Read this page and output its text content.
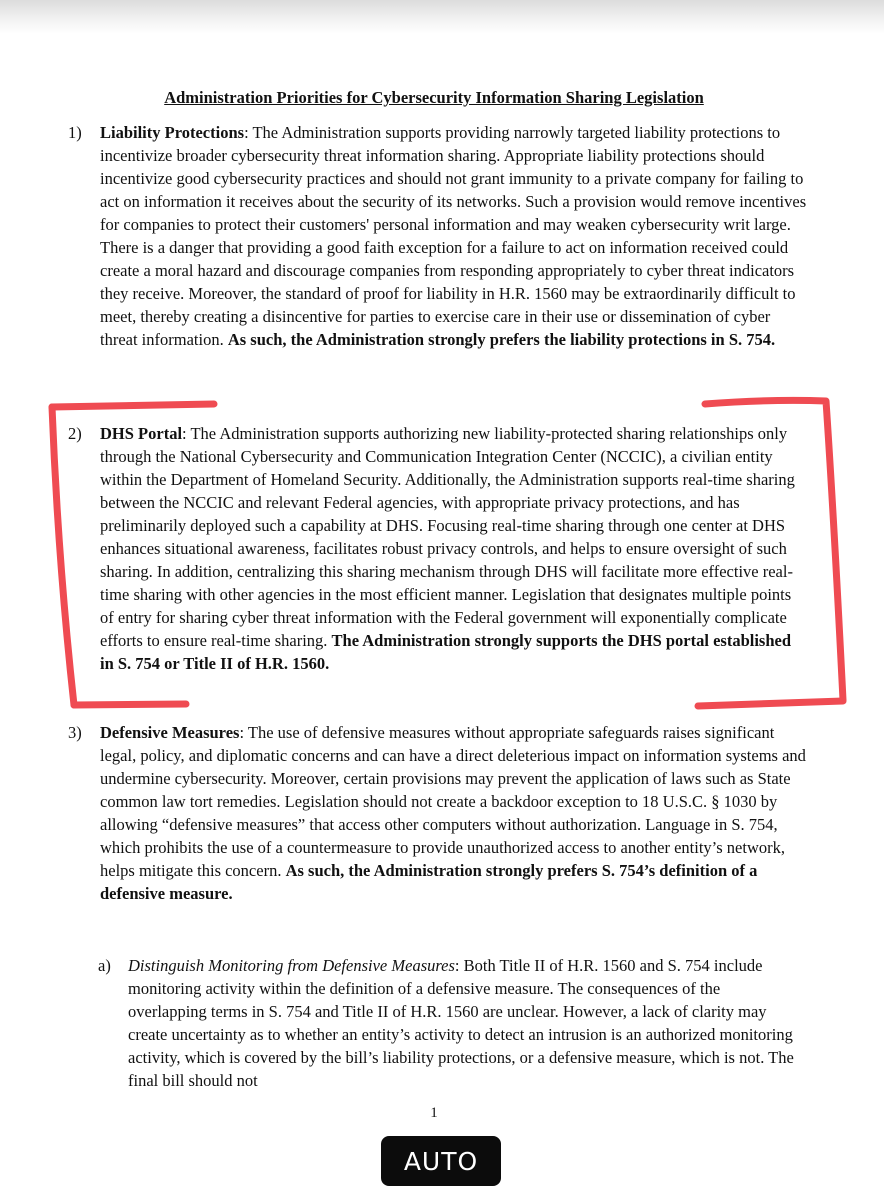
Administration Priorities for Cybersecurity Information Sharing Legislation
1) Liability Protections: The Administration supports providing narrowly targeted liability protections to incentivize broader cybersecurity threat information sharing. Appropriate liability protections should incentivize good cybersecurity practices and should not grant immunity to a private company for failing to act on information it receives about the security of its networks. Such a provision would remove incentives for companies to protect their customers' personal information and may weaken cybersecurity writ large. There is a danger that providing a good faith exception for a failure to act on information received could create a moral hazard and discourage companies from responding appropriately to cyber threat indicators they receive. Moreover, the standard of proof for liability in H.R. 1560 may be extraordinarily difficult to meet, thereby creating a disincentive for parties to exercise care in their use or dissemination of cyber threat information. As such, the Administration strongly prefers the liability protections in S. 754.
2) DHS Portal: The Administration supports authorizing new liability-protected sharing relationships only through the National Cybersecurity and Communication Integration Center (NCCIC), a civilian entity within the Department of Homeland Security. Additionally, the Administration supports real-time sharing between the NCCIC and relevant Federal agencies, with appropriate privacy protections, and has preliminarily deployed such a capability at DHS. Focusing real-time sharing through one center at DHS enhances situational awareness, facilitates robust privacy controls, and helps to ensure oversight of such sharing. In addition, centralizing this sharing mechanism through DHS will facilitate more effective real-time sharing with other agencies in the most efficient manner. Legislation that designates multiple points of entry for sharing cyber threat information with the Federal government will exponentially complicate efforts to ensure real-time sharing. The Administration strongly supports the DHS portal established in S. 754 or Title II of H.R. 1560.
3) Defensive Measures: The use of defensive measures without appropriate safeguards raises significant legal, policy, and diplomatic concerns and can have a direct deleterious impact on information systems and undermine cybersecurity. Moreover, certain provisions may prevent the application of laws such as State common law tort remedies. Legislation should not create a backdoor exception to 18 U.S.C. § 1030 by allowing “defensive measures” that access other computers without authorization. Language in S. 754, which prohibits the use of a countermeasure to provide unauthorized access to another entity’s network, helps mitigate this concern. As such, the Administration strongly prefers S. 754’s definition of a defensive measure.
a) Distinguish Monitoring from Defensive Measures: Both Title II of H.R. 1560 and S. 754 include monitoring activity within the definition of a defensive measure. The consequences of the overlapping terms in S. 754 and Title II of H.R. 1560 are unclear. However, a lack of clarity may create uncertainty as to whether an entity’s activity to detect an intrusion is an authorized monitoring activity, which is covered by the bill’s liability protections, or a defensive measure, which is not. The final bill should not
1
AUTO
